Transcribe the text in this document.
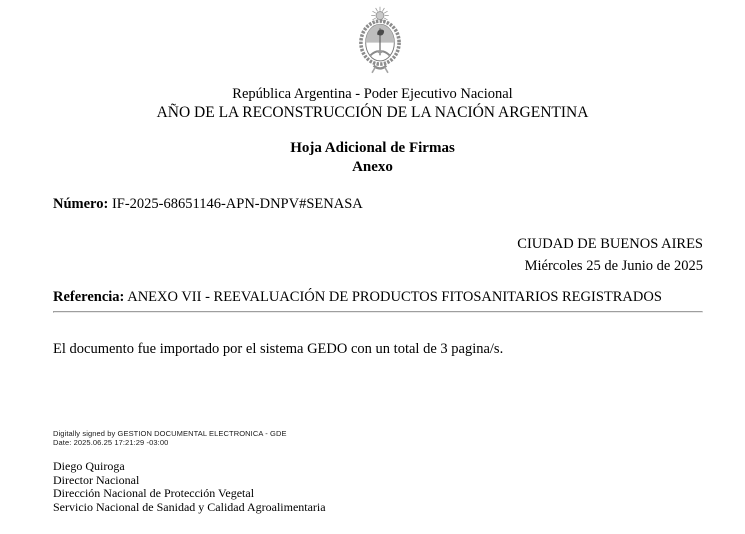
República Argentina - Poder Ejecutivo Nacional
AÑO DE LA RECONSTRUCCIÓN DE LA NACIÓN ARGENTINA
Hoja Adicional de Firmas
Anexo
Número: IF-2025-68651146-APN-DNPV#SENASA
CIUDAD DE BUENOS AIRES
Miércoles 25 de Junio de 2025
Referencia: ANEXO VII - REEVALUACIÓN DE PRODUCTOS FITOSANITARIOS REGISTRADOS
El documento fue importado por el sistema GEDO con un total de 3 pagina/s.
Digitally signed by GESTION DOCUMENTAL ELECTRONICA - GDE
Date: 2025.06.25 17:21:29 -03:00
Diego Quiroga
Director Nacional
Dirección Nacional de Protección Vegetal
Servicio Nacional de Sanidad y Calidad Agroalimentaria
